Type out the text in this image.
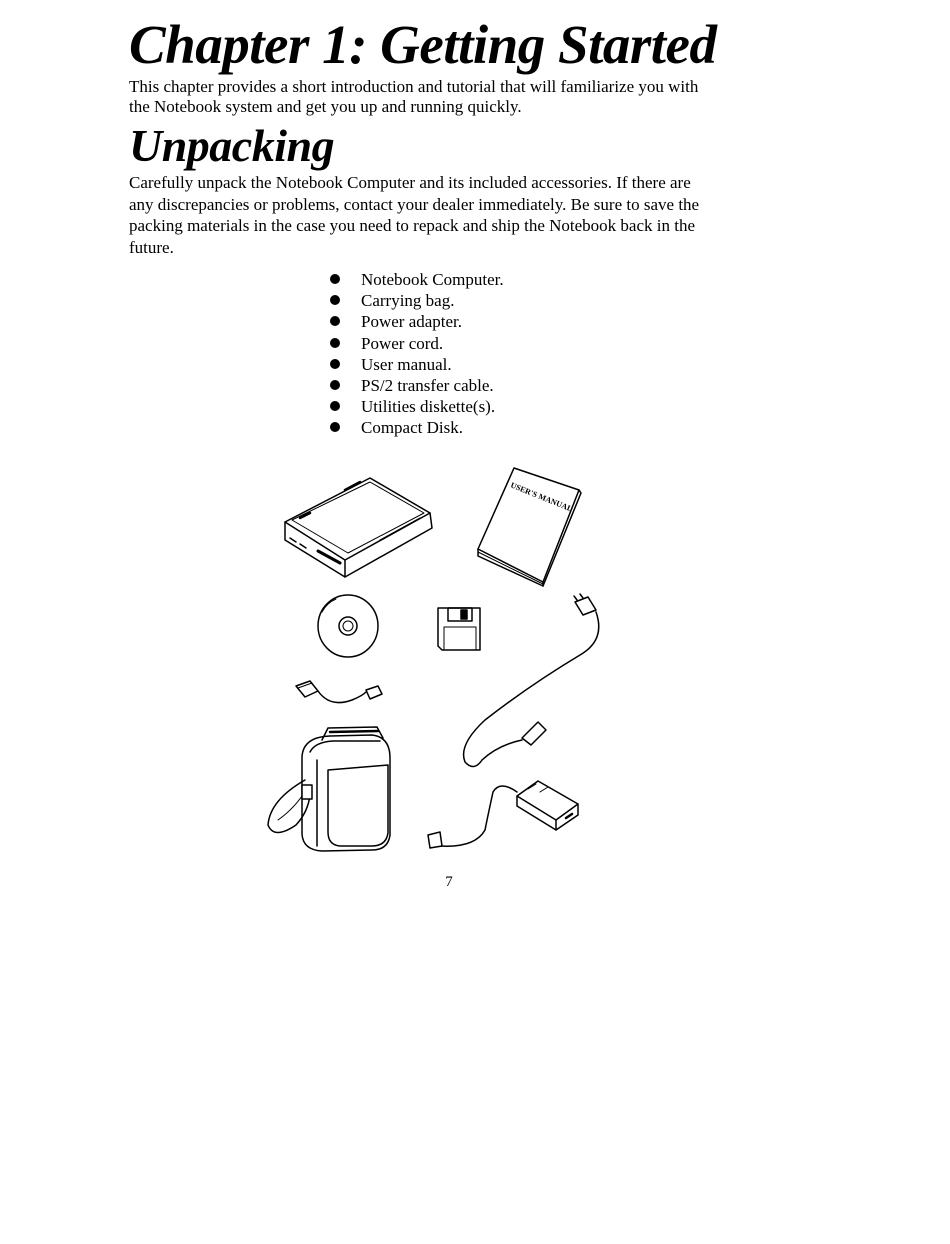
Chapter 1: Getting Started

This chapter provides a short introduction and tutorial that will familiarize you with the Notebook system and get you up and running quickly.

Unpacking

Carefully unpack the Notebook Computer and its included accessories. If there are any discrepancies or problems, contact your dealer immediately. Be sure to save the packing materials in the case you need to repack and ship the Notebook back in the future.

Notebook Computer.
Carrying bag.
Power adapter.
Power cord.
User manual.
PS/2 transfer cable.
Utilities diskette(s).
Compact Disk.
USER'S MANUAL
7
